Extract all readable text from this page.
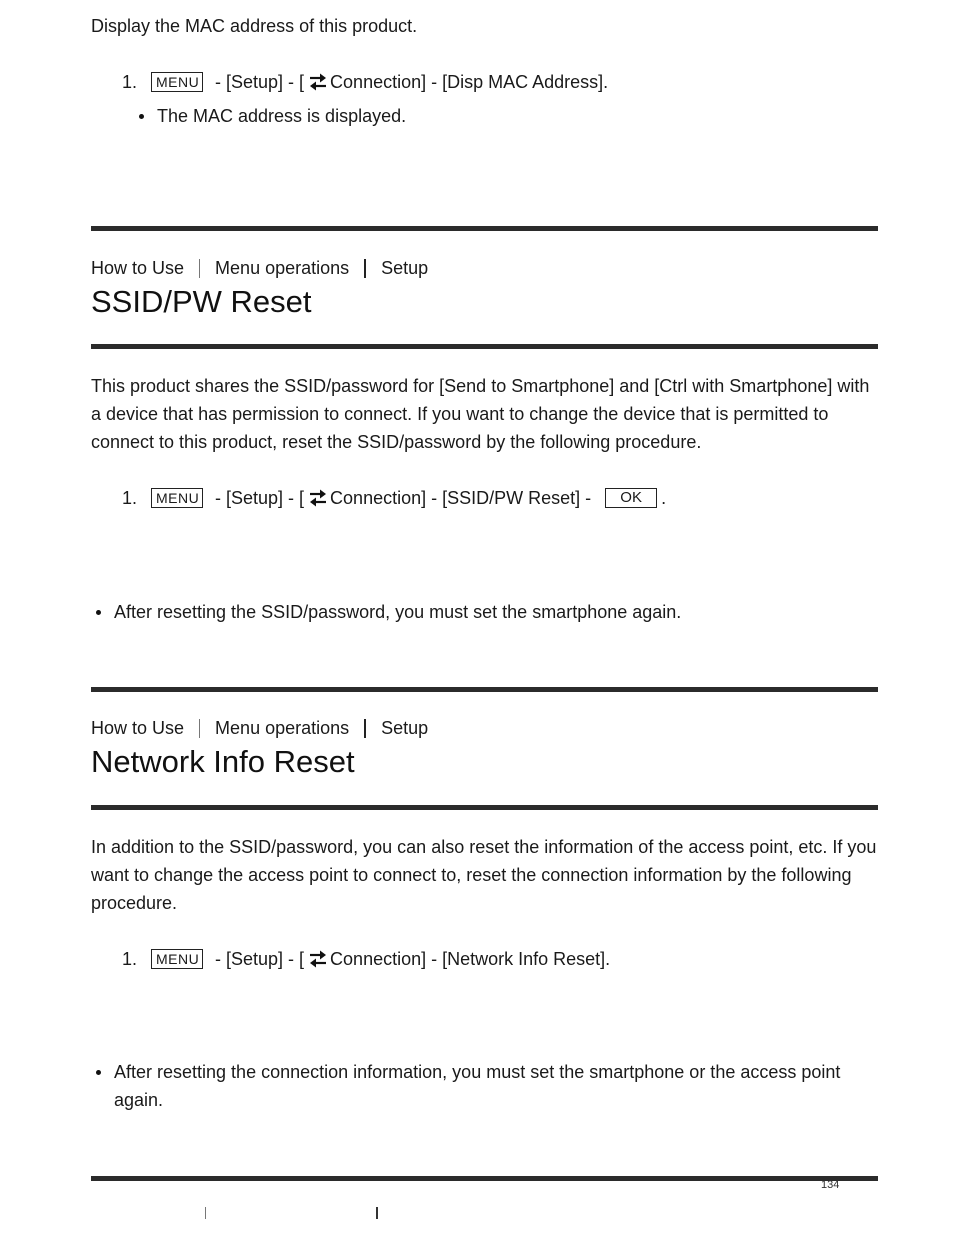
Display the MAC address of this product.
1.	MENU - [Setup] - [ Connection] - [Disp MAC Address].
The MAC address is displayed.
How to Use Menu operations Setup
SSID/PW Reset
This product shares the SSID/password for [Send to Smartphone] and [Ctrl with Smartphone] with a device that has permission to connect. If you want to change the device that is permitted to connect to this product, reset the SSID/password by the following procedure.
1.	MENU - [Setup] - [ Connection] - [SSID/PW Reset] -	OK	.
After resetting the SSID/password, you must set the smartphone again.
How to Use Menu operations Setup
Network Info Reset
In addition to the SSID/password, you can also reset the information of the access point, etc. If you want to change the access point to connect to, reset the connection information by the following procedure.
1.	MENU - [Setup] - [ Connection] - [Network Info Reset].
After resetting the connection information, you must set the smartphone or the access point again.
134
